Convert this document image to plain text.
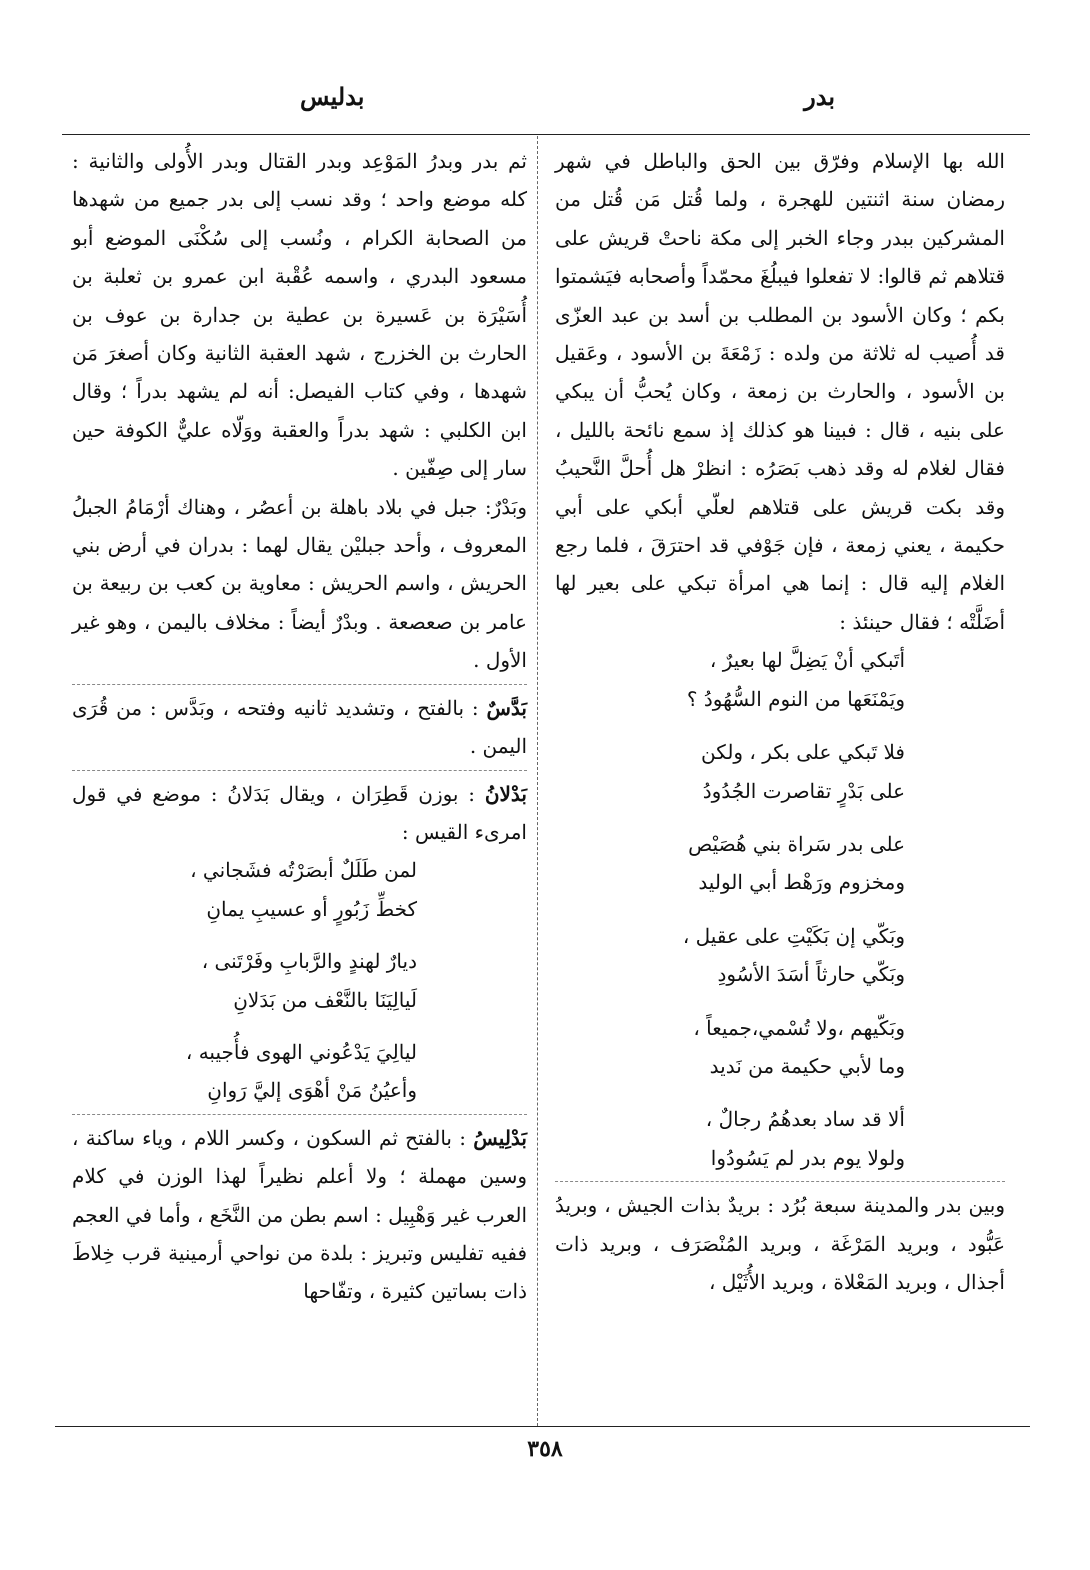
بدر
بدليس

الله بها الإسلام وفرّق بين الحق والباطل في شهر رمضان سنة اثنتين للهجرة ، ولما قُتل مَن قُتل من المشركين ببدر وجاء الخبر إلى مكة ناحتْ قريش على قتلاهم ثم قالوا: لا تفعلوا فيبلُغَ محمّداً وأصحابه فيَشمتوا بكم ؛ وكان الأسود بن المطلب بن أسد بن عبد العزّى قد أُصيب له ثلاثة من ولده : زَمْعَةَ بن الأسود ، وعَقيل بن الأسود ، والحارث بن زمعة ، وكان يُحبُّ أن يبكي على بنيه ، قال : فبينا هو كذلك إذ سمع نائحة بالليل ، فقال لغلام له وقد ذهب بَصَرُه : انظرْ هل أُحلَّ النَّحيبُ وقد بكت قريش على قتلاهم لعلّي أبكي على أبي حكيمة ، يعني زمعة ، فإن جَوْفي قد احترَقَ ، فلما رجع الغلام إليه قال : إنما هي امرأة تبكي على بعير لها أضَلَّتْه ؛ فقال حينئذ :

أتَبكي أنْ يَضِلَّ لها بعيرٌ ،
ويَمْنَعَها من النوم السُّهُودُ ؟
فلا تَبكي على بكر ، ولكن
على بَدْرٍ تقاصرت الجُدُودُ
على بدر سَراة بني هُصَيْص
ومخزوم ورَهْط أبي الوليد
وبَكّي إن بَكَيْتِ على عقيل ،
وبَكّي حارثاً أسَدَ الأسُودِ
وبَكّيهم ،ولا تُسْمي،جميعاً ،
وما لأبي حكيمة من نَديد
ألا قد ساد بعدهُمُ رجالٌ ،
ولولا يوم بدر لم يَسُودُوا

وبين بدر والمدينة سبعة بُرُد : بريدٌ بذات الجيش ، وبريدُ عَبُّود ، وبريد المَرْغَة ، وبريد المُنْصَرَف ، وبريد ذات أجذال ، وبريد المَعْلاة ، وبريد الأُثَيْل ،

ثم بدر وبدرُ المَوْعِد وبدر القتال وبدر الأُولى والثانية : كله موضع واحد ؛ وقد نسب إلى بدر جميع من شهدها من الصحابة الكرام ، ونُسب إلى سُكْنَى الموضع أبو مسعود البدري ، واسمه عُقْبة ابن عمرو بن ثعلبة بن أُسَيْرَة بن عَسيرة بن عطية بن جدارة بن عوف بن الحارث بن الخزرج ، شهد العقبة الثانية وكان أصغرَ مَن شهدها ، وفي كتاب الفيصل: أنه لم يشهد بدراً ؛ وقال ابن الكلبي : شهد بدراً والعقبة ووَلّاه عليٌّ الكوفة حين سار إلى صِفّين .

وبَدْرٌ: جبل في بلاد باهلة بن أعصُر ، وهناك أرْمَامُ الجبلُ المعروف ، وأحد جبليْن يقال لهما : بدران في أرض بني الحريش ، واسم الحريش : معاوية بن كعب بن ربيعة بن عامر بن صعصعة . وبدْرٌ أيضاً : مخلاف باليمن ، وهو غير الأول .

بَدَّسٌ : بالفتح ، وتشديد ثانيه وفتحه ، وبَدَّس : من قُرَى اليمن .

بَدْلانُ : بوزن قَطِرَان ، ويقال بَدَلانُ : موضع في قول امرىء القيس :

لمن طَلَلٌ أبصَرْتُه فشَجاني ،
كخطِّ زَبُورٍ أو عسيبِ يمانِ
ديارٌ لهندٍ والرَّبابِ وفَرْتَنى ،
لَيالِيَنَا بالنَّعْف من بَدَلانِ
ليالِيَ يَدْعُوني الهوى فأُجيبه ،
وأعيُنُ مَنْ أهْوَى إليَّ رَوانِ

بَدْلِيسُ : بالفتح ثم السكون ، وكسر اللام ، وياء ساكنة ، وسين مهملة ؛ ولا أعلم نظيراً لهذا الوزن في كلام العرب غير وَهْبِيل : اسم بطن من النَّخَع ، وأما في العجم ففيه تفليس وتبريز : بلدة من نواحي أرمينية قرب خِلاطَ ذات بساتين كثيرة ، وتفّاحها

٣٥٨
